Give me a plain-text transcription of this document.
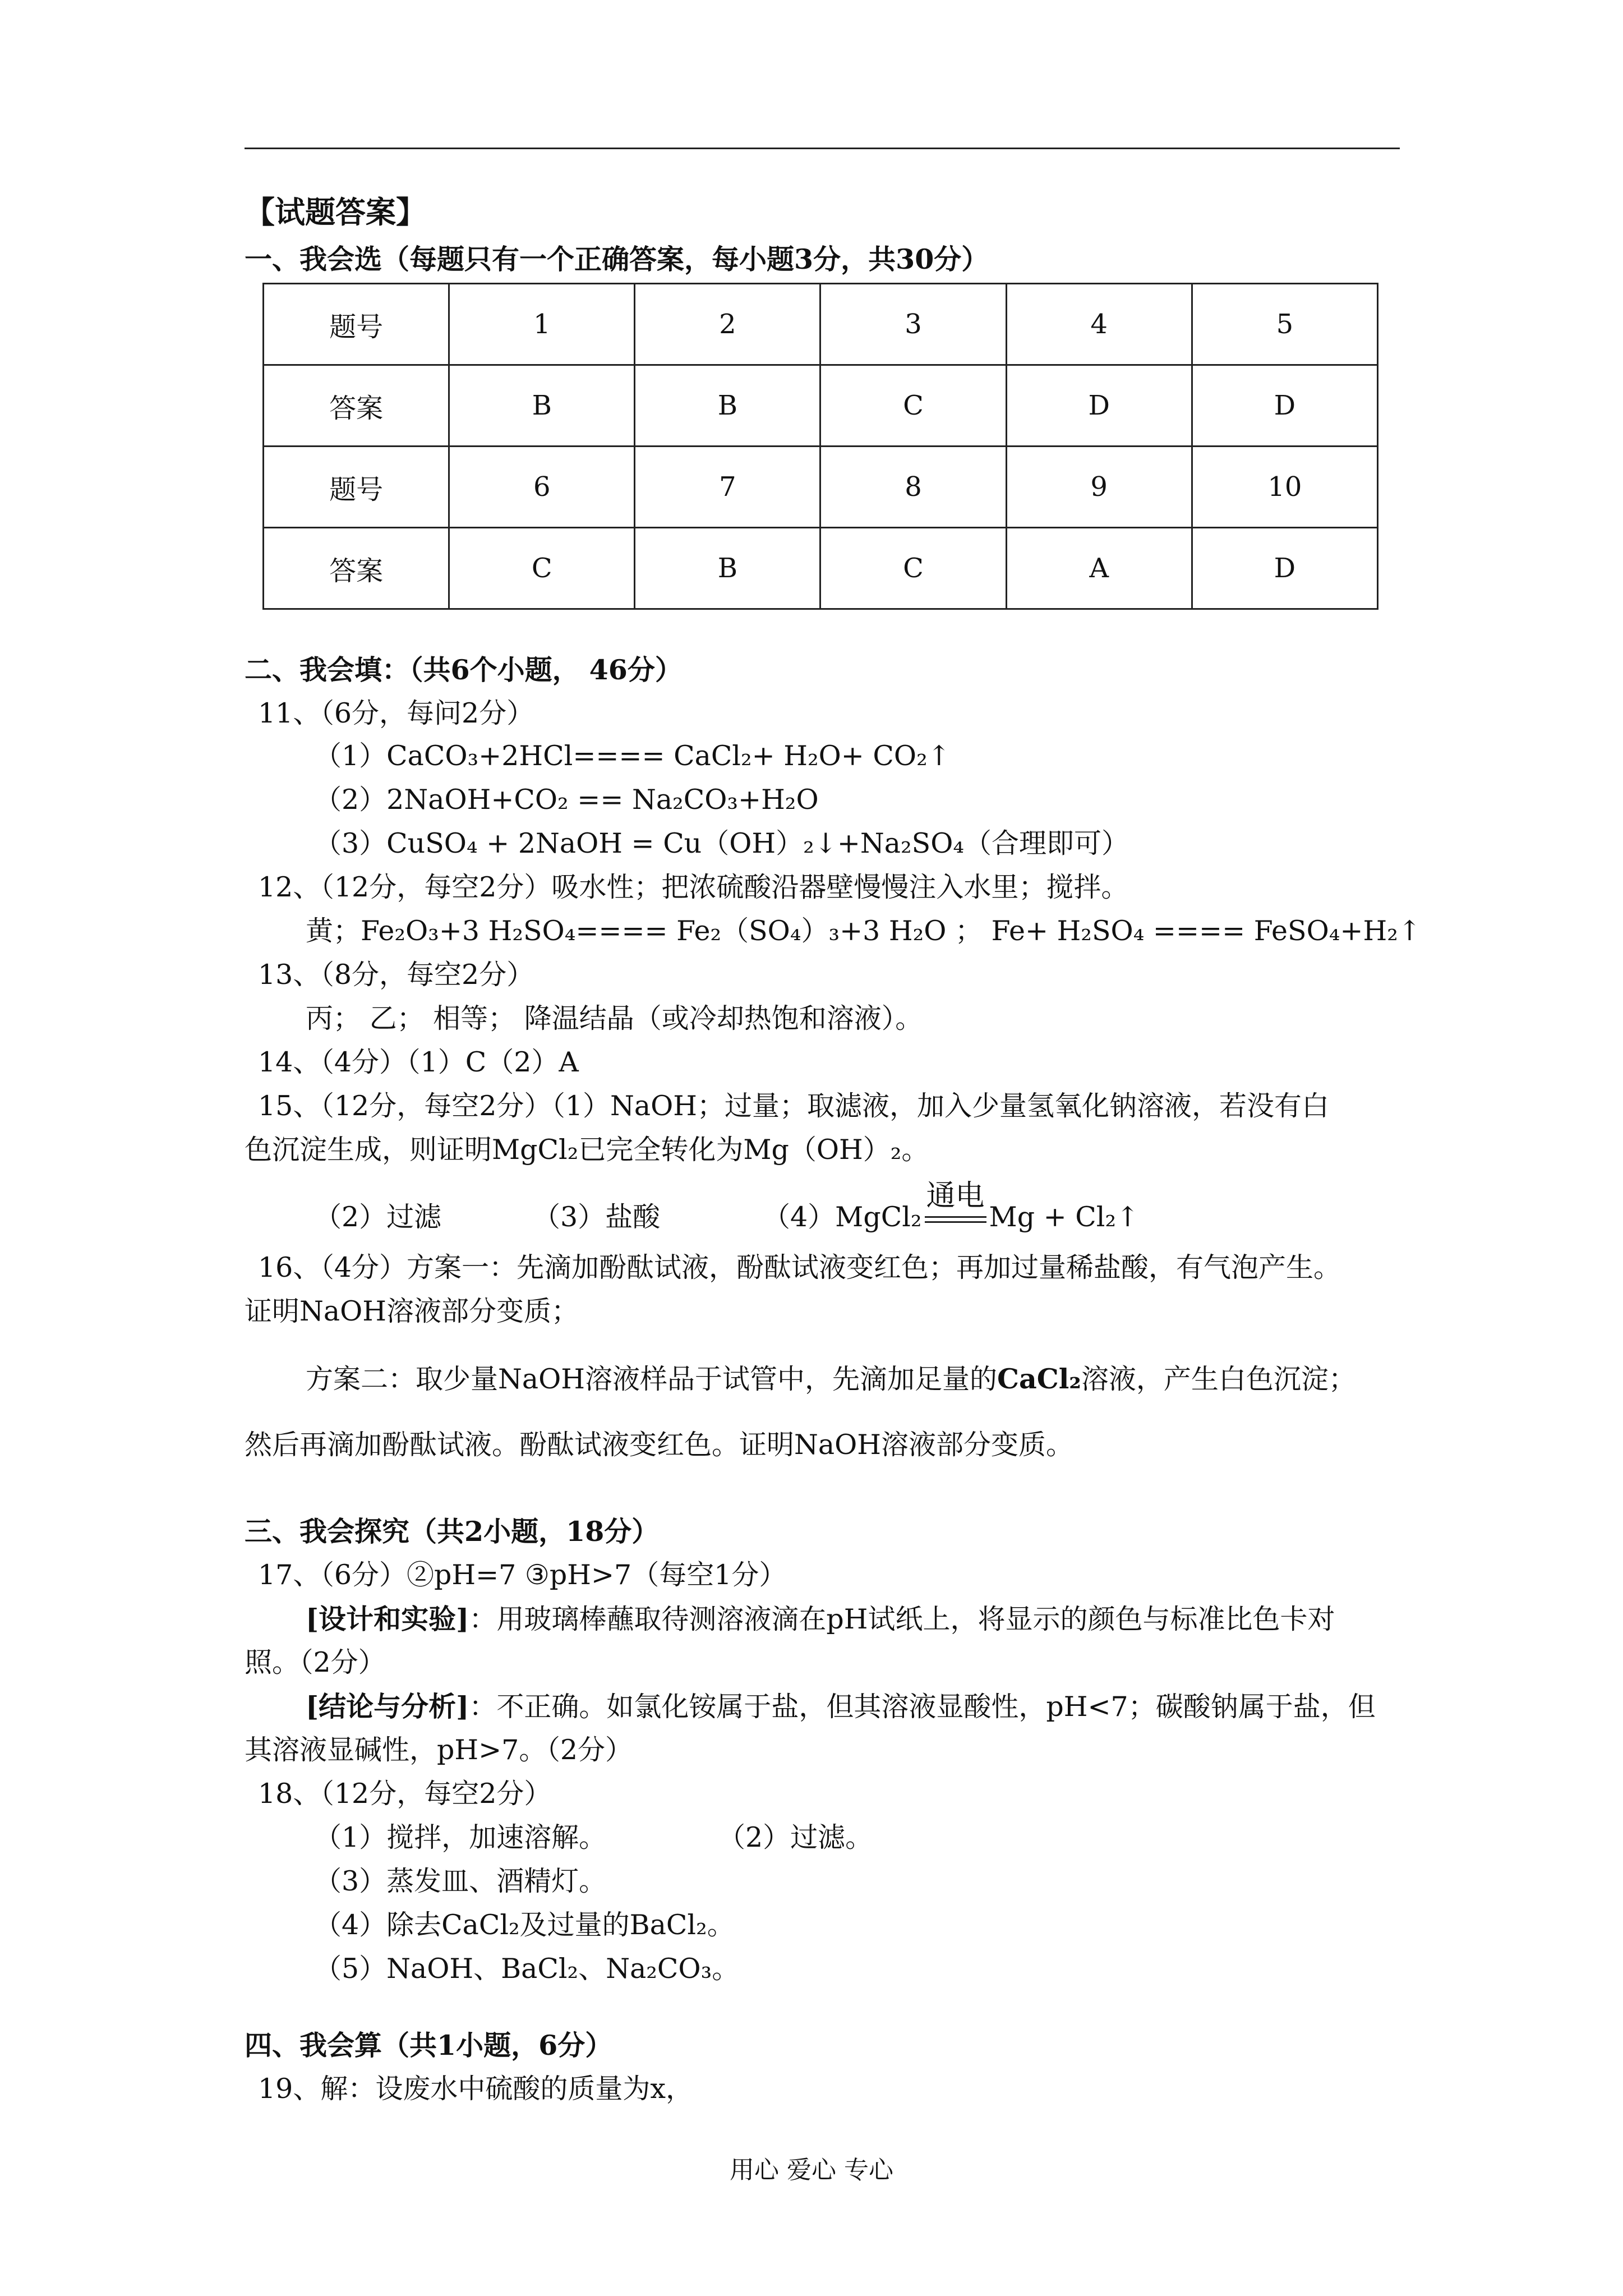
【试题答案】
一、我会选（每题只有一个正确答案，每小题3分，共30分）
题号	1	2	3	4	5
答案	B	B	C	D	D
题号	6	7	8	9	10
答案	C	B	C	A	D
二、我会填：（共6个小题， 46分）
11、（6分，每问2分）
（1）CaCO₃+2HCl==== CaCl₂+ H₂O+ CO₂↑
（2）2NaOH+CO₂ == Na₂CO₃+H₂O
（3）CuSO₄ + 2NaOH = Cu（OH）₂↓+Na₂SO₄（合理即可）
12、（12分，每空2分）吸水性；把浓硫酸沿器壁慢慢注入水里；搅拌。
黄；Fe₂O₃+3 H₂SO₄==== Fe₂（SO₄）₃+3 H₂O ； Fe+ H₂SO₄ ==== FeSO₄+H₂↑
13、（8分，每空2分）
丙； 乙； 相等； 降温结晶（或冷却热饱和溶液）。
14、（4分）（1）C（2）A
15、（12分，每空2分）（1）NaOH；过量；取滤液，加入少量氢氧化钠溶液，若没有白
色沉淀生成，则证明MgCl₂已完全转化为Mg（OH）₂。
（2）过滤	（3）盐酸	（4）MgCl₂
通电
Mg + Cl₂↑
16、（4分）方案一：先滴加酚酞试液，酚酞试液变红色；再加过量稀盐酸，有气泡产生。
证明NaOH溶液部分变质；
方案二：取少量NaOH溶液样品于试管中，先滴加足量的CaCl₂溶液，产生白色沉淀；
然后再滴加酚酞试液。酚酞试液变红色。证明NaOH溶液部分变质。
三、我会探究（共2小题，18分）
17、（6分）②pH=7 ③pH>7（每空1分）
[设计和实验]：用玻璃棒蘸取待测溶液滴在pH试纸上，将显示的颜色与标准比色卡对
照。（2分）
[结论与分析]：不正确。如氯化铵属于盐，但其溶液显酸性，pH<7；碳酸钠属于盐，但
其溶液显碱性，pH>7。（2分）
18、（12分，每空2分）
（1）搅拌，加速溶解。	（2）过滤。
（3）蒸发皿、酒精灯。
（4）除去CaCl₂及过量的BaCl₂。
（5）NaOH、BaCl₂、Na₂CO₃。
四、我会算（共1小题，6分）
19、解：设废水中硫酸的质量为x，
用心 爱心 专心
